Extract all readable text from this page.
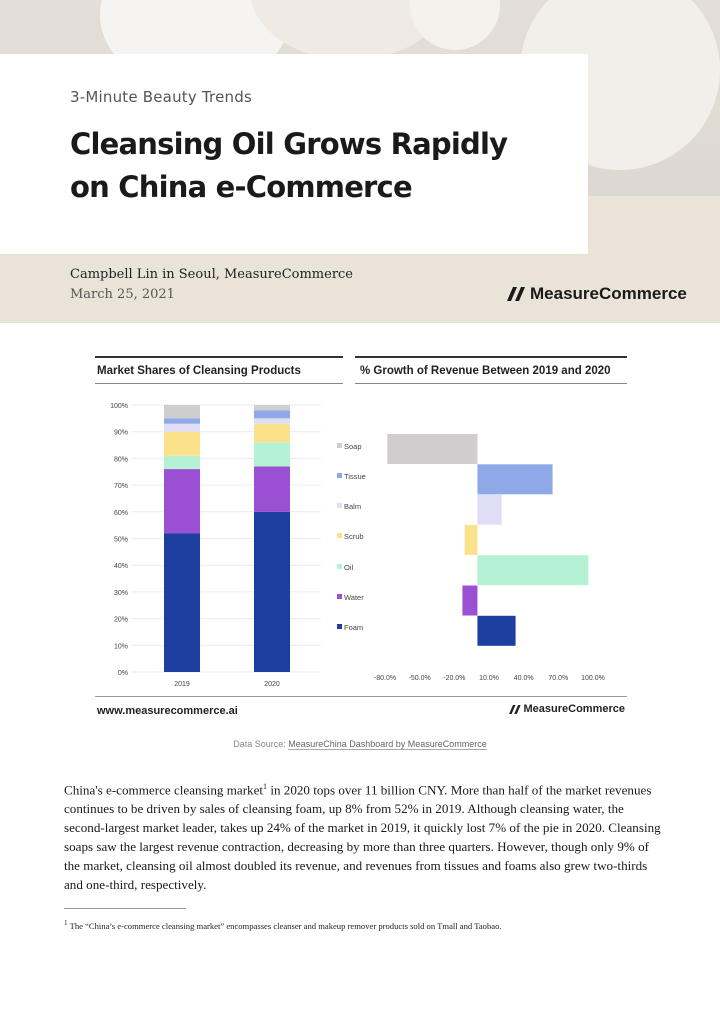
3-Minute Beauty Trends
Cleansing Oil Grows Rapidly
on China e-Commerce
Campbell Lin in Seoul, MeasureCommerce
March 25, 2021	MeasureCommerce
Market Shares of Cleansing Products	% Growth of Revenue Between 2019 and 2020
0%
10%
20%
30%
40%
50%
60%
70%
80%
90%
100%
2019	2020
Foam
Water
Oil
Scrub
Balm
Tissue
Soap
-80.0% -50.0% -20.0% 10.0% 40.0% 70.0% 100.0%
www.measurecommerce.ai	MeasureCommerce
Data Source: MeasureChina Dashboard by MeasureCommerce
China's e-commerce cleansing market$^1$ in 2020 tops over 11 billion CNY. More than half of the market revenues continues to be driven by sales of cleansing foam, up 8% from 52% in 2019. Although cleansing water, the second-largest market leader, takes up 24% of the market in 2019, it quickly lost 7% of the pie in 2020. Cleansing soaps saw the largest revenue contraction, decreasing by more than three quarters. However, though only 9% of the market, cleansing oil almost doubled its revenue, and revenues from tissues and foams also grew two-thirds and one-third, respectively.
$^1$ The “China’s e-commerce cleansing market” encompasses cleanser and makeup remover products sold on Tmall and Taobao.
